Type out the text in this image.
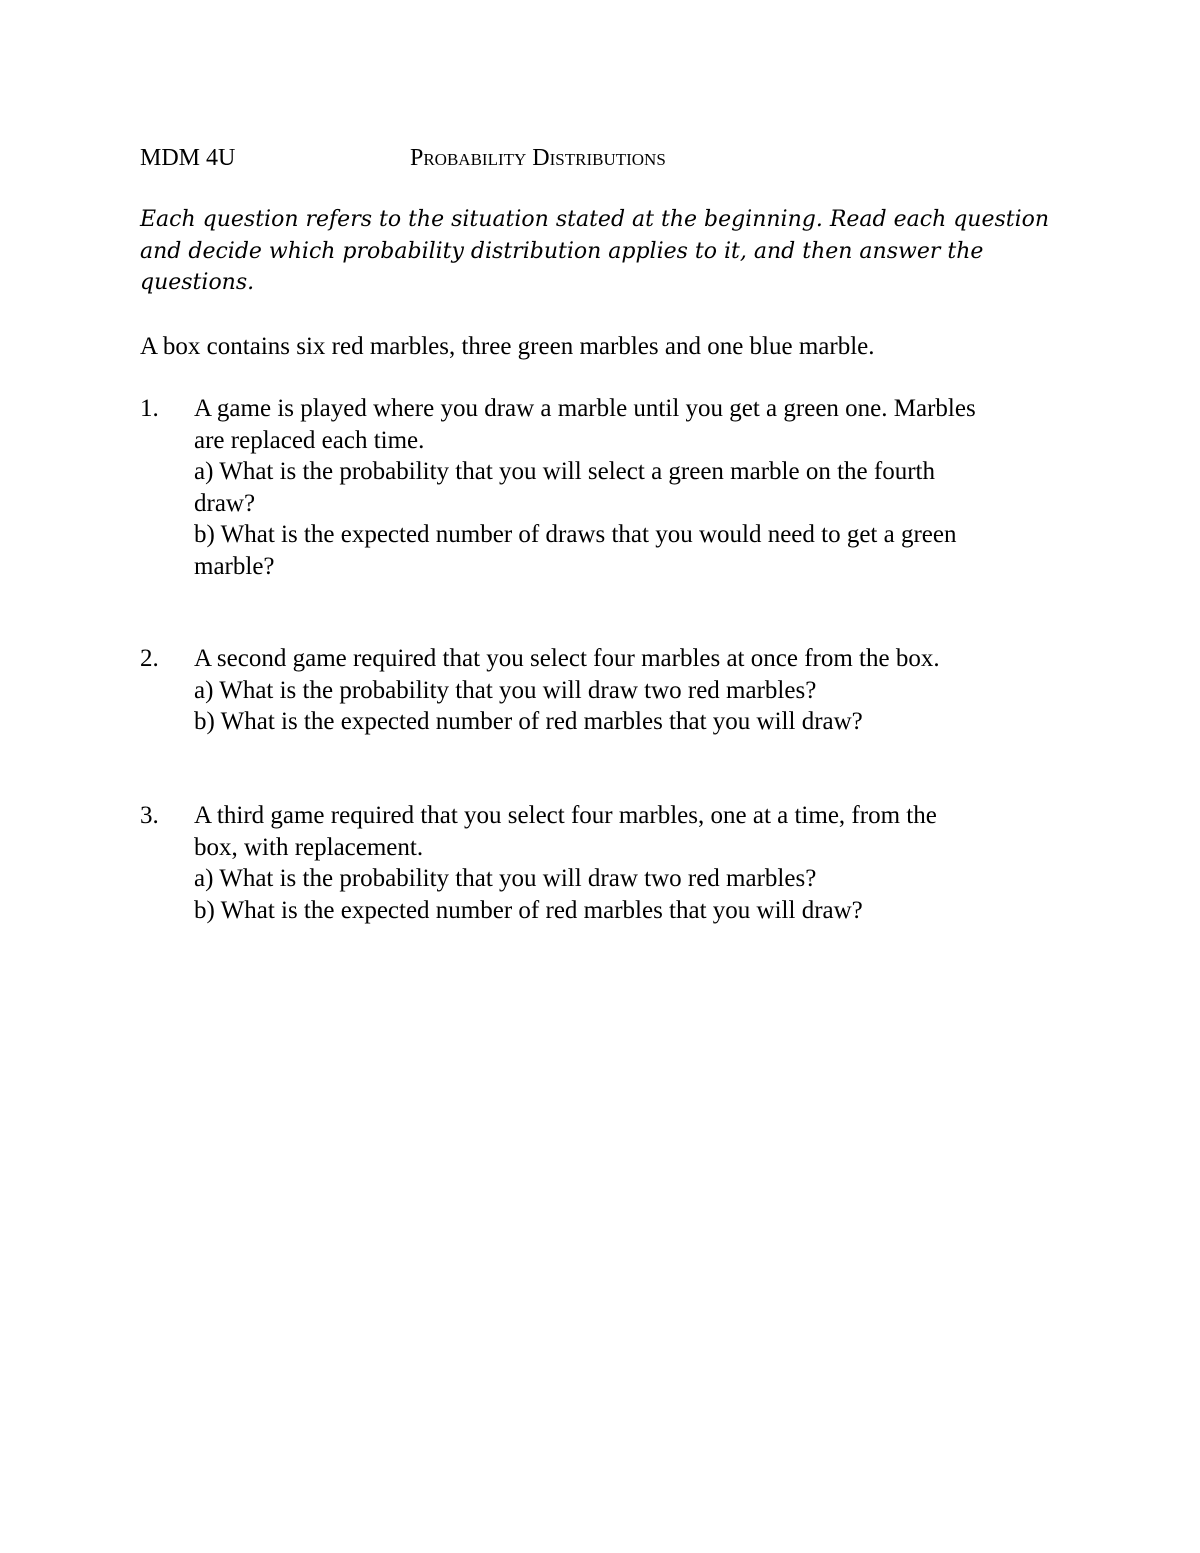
MDM 4U	Probability Distributions
Each question refers to the situation stated at the beginning. Read each question
and decide which probability distribution applies to it, and then answer the
questions.
A box contains six red marbles, three green marbles and one blue marble.
1. A game is played where you draw a marble until you get a green one. Marbles
are replaced each time.
a) What is the probability that you will select a green marble on the fourth
draw?
b) What is the expected number of draws that you would need to get a green
marble?
2. A second game required that you select four marbles at once from the box.
a) What is the probability that you will draw two red marbles?
b) What is the expected number of red marbles that you will draw?
3. A third game required that you select four marbles, one at a time, from the
box, with replacement.
a) What is the probability that you will draw two red marbles?
b) What is the expected number of red marbles that you will draw?
